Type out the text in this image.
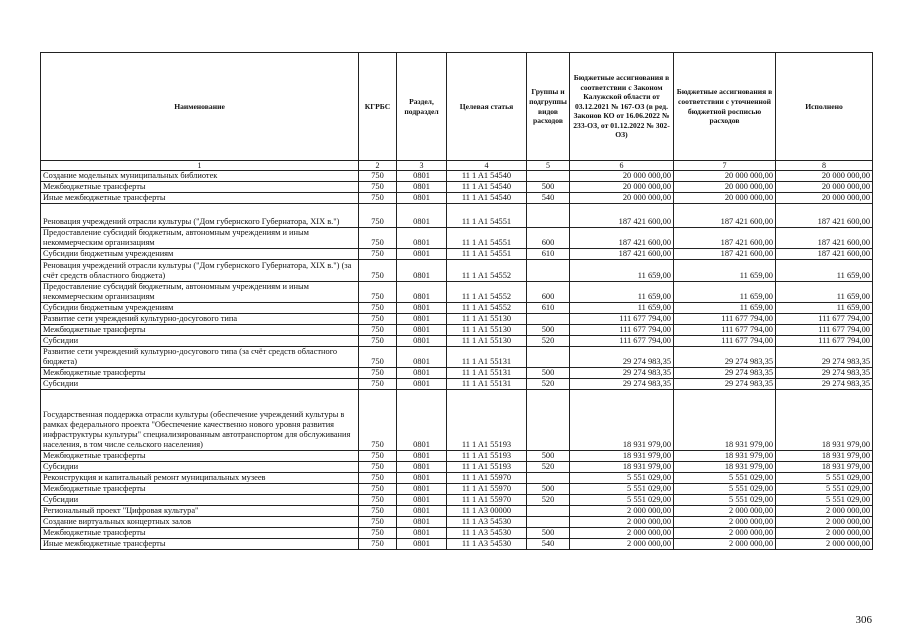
Наименование	КГРБС	Раздел, подраздел	Целевая статья	Группы и подгруппы видов расходов	Бюджетные ассигнования в соответствии с Законом Калужской области от 03.12.2021 № 167-ОЗ (в ред. Законов КО от 16.06.2022 № 233-ОЗ, от 01.12.2022 № 302-ОЗ)	Бюджетные ассигнования в соответствии с уточненной бюджетной росписью расходов	Исполнено
1	2	3	4	5	6	7	8
Создание модельных муниципальных библиотек	750	0801	11 1 A1 54540		20 000 000,00	20 000 000,00	20 000 000,00
Межбюджетные трансферты	750	0801	11 1 A1 54540	500	20 000 000,00	20 000 000,00	20 000 000,00
Иные межбюджетные трансферты	750	0801	11 1 A1 54540	540	20 000 000,00	20 000 000,00	20 000 000,00
Реновация учреждений отрасли культуры ("Дом губернского Губернатора, XIX в.")	750	0801	11 1 A1 54551		187 421 600,00	187 421 600,00	187 421 600,00
Предоставление субсидий бюджетным, автономным учреждениям и иным некоммерческим организациям	750	0801	11 1 A1 54551	600	187 421 600,00	187 421 600,00	187 421 600,00
Субсидии бюджетным учреждениям	750	0801	11 1 A1 54551	610	187 421 600,00	187 421 600,00	187 421 600,00
Реновация учреждений отрасли культуры ("Дом губернского Губернатора, XIX в.") (за счёт средств областного бюджета)	750	0801	11 1 A1 54552		11 659,00	11 659,00	11 659,00
Предоставление субсидий бюджетным, автономным учреждениям и иным некоммерческим организациям	750	0801	11 1 A1 54552	600	11 659,00	11 659,00	11 659,00
Субсидии бюджетным учреждениям	750	0801	11 1 A1 54552	610	11 659,00	11 659,00	11 659,00
Развитие сети учреждений культурно-досугового типа	750	0801	11 1 A1 55130		111 677 794,00	111 677 794,00	111 677 794,00
Межбюджетные трансферты	750	0801	11 1 A1 55130	500	111 677 794,00	111 677 794,00	111 677 794,00
Субсидии	750	0801	11 1 A1 55130	520	111 677 794,00	111 677 794,00	111 677 794,00
Развитие сети учреждений культурно-досугового типа (за счёт средств областного бюджета)	750	0801	11 1 A1 55131		29 274 983,35	29 274 983,35	29 274 983,35
Межбюджетные трансферты	750	0801	11 1 A1 55131	500	29 274 983,35	29 274 983,35	29 274 983,35
Субсидии	750	0801	11 1 A1 55131	520	29 274 983,35	29 274 983,35	29 274 983,35
Государственная поддержка отрасли культуры (обеспечение учреждений культуры в рамках федерального проекта "Обеспечение качественно нового уровня развития инфраструктуры культуры" специализированным автотранспортом для обслуживания населения, в том числе сельского населения)	750	0801	11 1 A1 55193		18 931 979,00	18 931 979,00	18 931 979,00
Межбюджетные трансферты	750	0801	11 1 A1 55193	500	18 931 979,00	18 931 979,00	18 931 979,00
Субсидии	750	0801	11 1 A1 55193	520	18 931 979,00	18 931 979,00	18 931 979,00
Реконструкция и капитальный ремонт муниципальных музеев	750	0801	11 1 A1 55970		5 551 029,00	5 551 029,00	5 551 029,00
Межбюджетные трансферты	750	0801	11 1 A1 55970	500	5 551 029,00	5 551 029,00	5 551 029,00
Субсидии	750	0801	11 1 A1 55970	520	5 551 029,00	5 551 029,00	5 551 029,00
Региональный проект "Цифровая культура"	750	0801	11 1 A3 00000		2 000 000,00	2 000 000,00	2 000 000,00
Создание виртуальных концертных залов	750	0801	11 1 A3 54530		2 000 000,00	2 000 000,00	2 000 000,00
Межбюджетные трансферты	750	0801	11 1 A3 54530	500	2 000 000,00	2 000 000,00	2 000 000,00
Иные межбюджетные трансферты	750	0801	11 1 A3 54530	540	2 000 000,00	2 000 000,00	2 000 000,00
306
